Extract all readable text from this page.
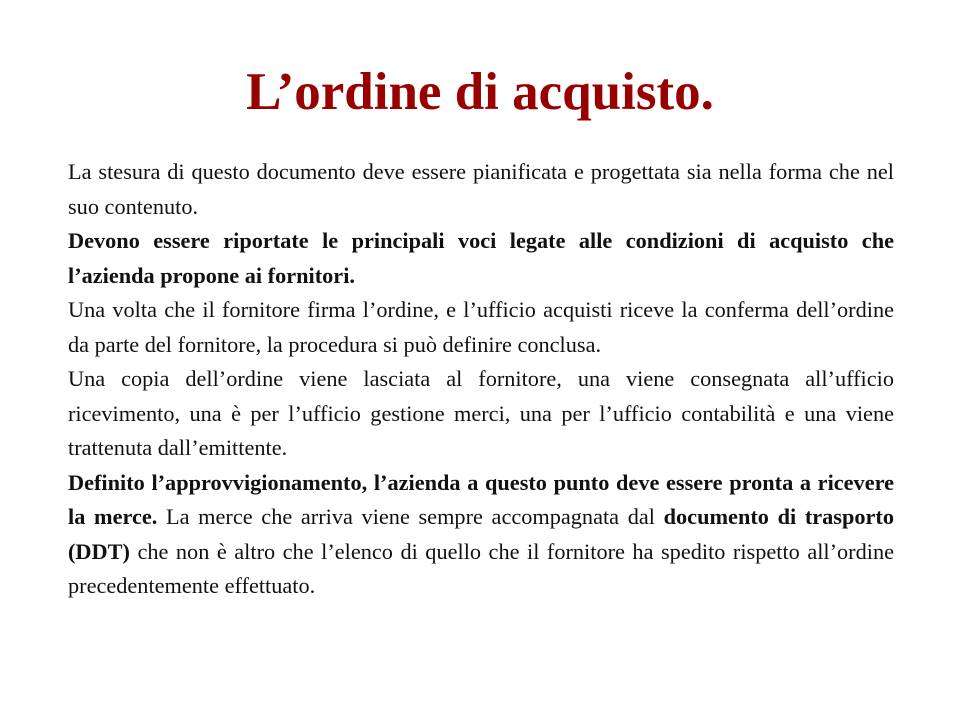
L’ordine di acquisto.

La stesura di questo documento deve essere pianificata e progettata sia nella forma che nel suo contenuto.

Devono essere riportate le principali voci legate alle condizioni di acquisto che l’azienda propone ai fornitori.

Una volta che il fornitore firma l’ordine, e l’ufficio acquisti riceve la conferma dell’ordine da parte del fornitore, la procedura si può definire conclusa.

Una copia dell’ordine viene lasciata al fornitore, una viene consegnata all’ufficio ricevimento, una è per l’ufficio gestione merci, una per l’ufficio contabilità e una viene trattenuta dall’emittente.

Definito l’approvvigionamento, l’azienda a questo punto deve essere pronta a ricevere la merce. La merce che arriva viene sempre accompagnata dal documento di trasporto (DDT) che non è altro che l’elenco di quello che il fornitore ha spedito rispetto all’ordine precedentemente effettuato.
